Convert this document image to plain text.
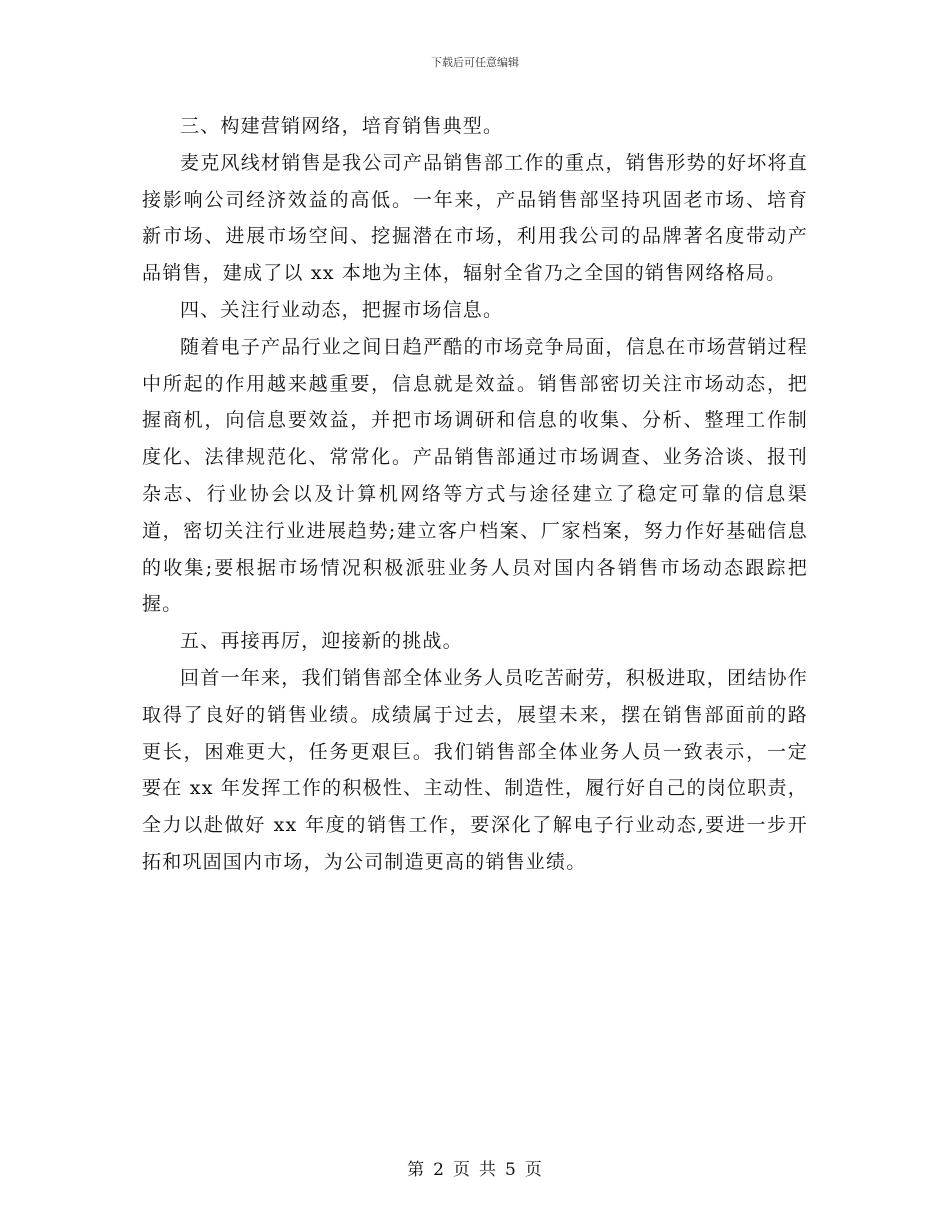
下载后可任意编辑

三、构建营销网络，培育销售典型。

麦克风线材销售是我公司产品销售部工作的重点，销售形势的好坏将直接影响公司经济效益的高低。一年来，产品销售部坚持巩固老市场、培育新市场、进展市场空间、挖掘潜在市场，利用我公司的品牌著名度带动产品销售，建成了以 xx 本地为主体，辐射全省乃之全国的销售网络格局。

四、关注行业动态，把握市场信息。

随着电子产品行业之间日趋严酷的市场竞争局面，信息在市场营销过程中所起的作用越来越重要，信息就是效益。销售部密切关注市场动态，把握商机，向信息要效益，并把市场调研和信息的收集、分析、整理工作制度化、法律规范化、常常化。产品销售部通过市场调查、业务洽谈、报刊杂志、行业协会以及计算机网络等方式与途径建立了稳定可靠的信息渠道，密切关注行业进展趋势;建立客户档案、厂家档案，努力作好基础信息的收集;要根据市场情况积极派驻业务人员对国内各销售市场动态跟踪把握。

五、再接再厉，迎接新的挑战。

回首一年来，我们销售部全体业务人员吃苦耐劳，积极进取，团结协作取得了良好的销售业绩。成绩属于过去，展望未来，摆在销售部面前的路更长，困难更大，任务更艰巨。我们销售部全体业务人员一致表示，一定要在 xx 年发挥工作的积极性、主动性、制造性，履行好自己的岗位职责，全力以赴做好 xx 年度的销售工作，要深化了解电子行业动态,要进一步开拓和巩固国内市场，为公司制造更高的销售业绩。

第 2 页 共 5 页
